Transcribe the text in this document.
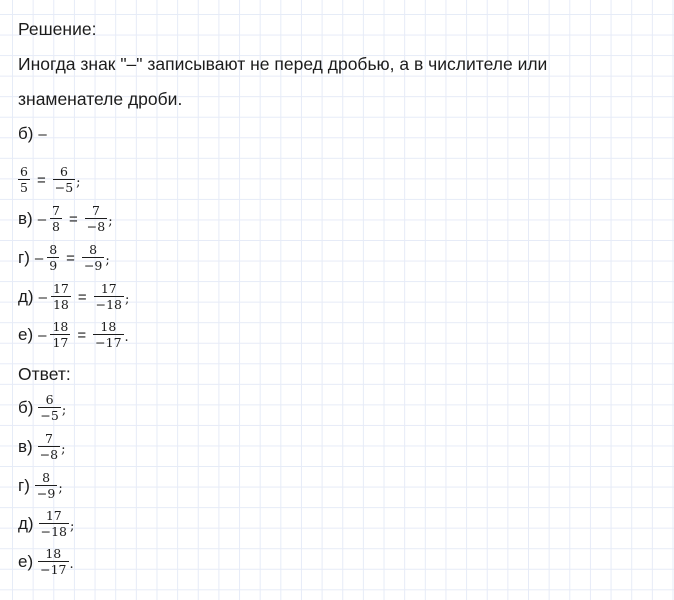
Решение:
Иногда знак "–" записывают не перед дробью, а в числителе или
знаменателе дроби.
б) –
$\frac{6}{5} = \frac{6}{-5}$ ;
$в) - \frac{7}{8} = \frac{7}{-8}$ ;
$г) - \frac{8}{9} = \frac{8}{-9}$ ;
$д) - \frac{17}{18} = \frac{17}{-18}$ ;
$е) - \frac{18}{17} = \frac{18}{-17}$ .
Ответ:
$б) \frac{6}{-5}$ ;
$в) \frac{7}{-8}$ ;
$г) \frac{8}{-9}$ ;
$д) \frac{17}{-18}$ ;
$е) \frac{18}{-17}$ .
